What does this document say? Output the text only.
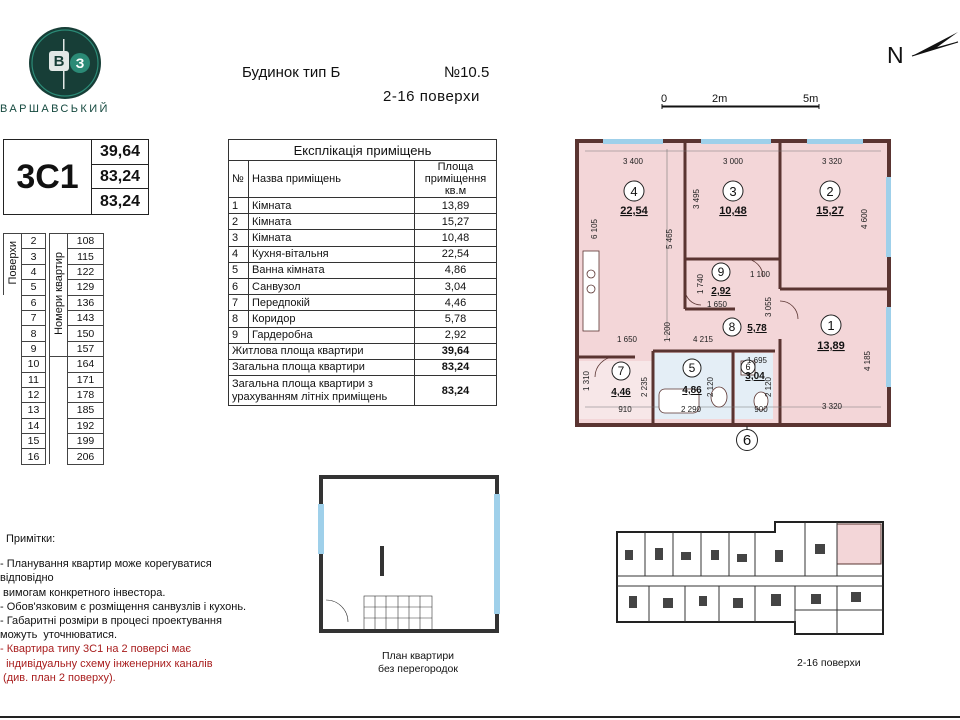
В З
ВАРШАВСЬКИЙ
Будинок тип Б	№10.5
2-16 поверхи
N
0	2m	5m
3С1
39,64
83,24
83,24
Поверхи	2		Номери квартир	108
	3			115
	4			122
	5			129
	6			136
	7			143
	8			150
	9			157
	10			164
	11			171
	12			178
	13			185
	14			192
	15			199
	16			206
Експлікація приміщень		
№	Назва приміщень	Площа приміщення кв.м
1	Кімната	13,89
2	Кімната	15,27
3	Кімната	10,48
4	Кухня-вітальня	22,54
5	Ванна кімната	4,86
6	Санвузол	3,04
7	Передпокій	4,46
8	Коридор	5,78
9	Гардеробна	2,92
Житлова площа квартири		39,64
Загальна площа квартири		83,24
Загальна площа квартири з урахуванням літніх приміщень		83,24
4	3	2
9
8	1
7	5	6
22,54	10,48	15,27
2,92
5,78
13,89
4,46	4,86
3,04
3 400	3 000	3 320
6 105	5 465
3 495
4 600
1 740	1 100
1 650	3 055
1 650	1 200	4 215
1 695	4 185
1 310	2 235	2 120	2 120
910	2 290	900	3 320
6
План квартири
без перегородок	2-16 поверхи
Примітки:
- Планування квартир може корегуватися
відповідно
вимогам конкретного інвестора.
- Обов'язковим є розміщення санвузлів і кухонь.
- Габаритні розміри в процесі проектування
можуть  уточнюватися.
- Квартира типу 3С1 на 2 поверсі має
індивідуальну схему інженерних каналів
(див. план 2 поверху).
